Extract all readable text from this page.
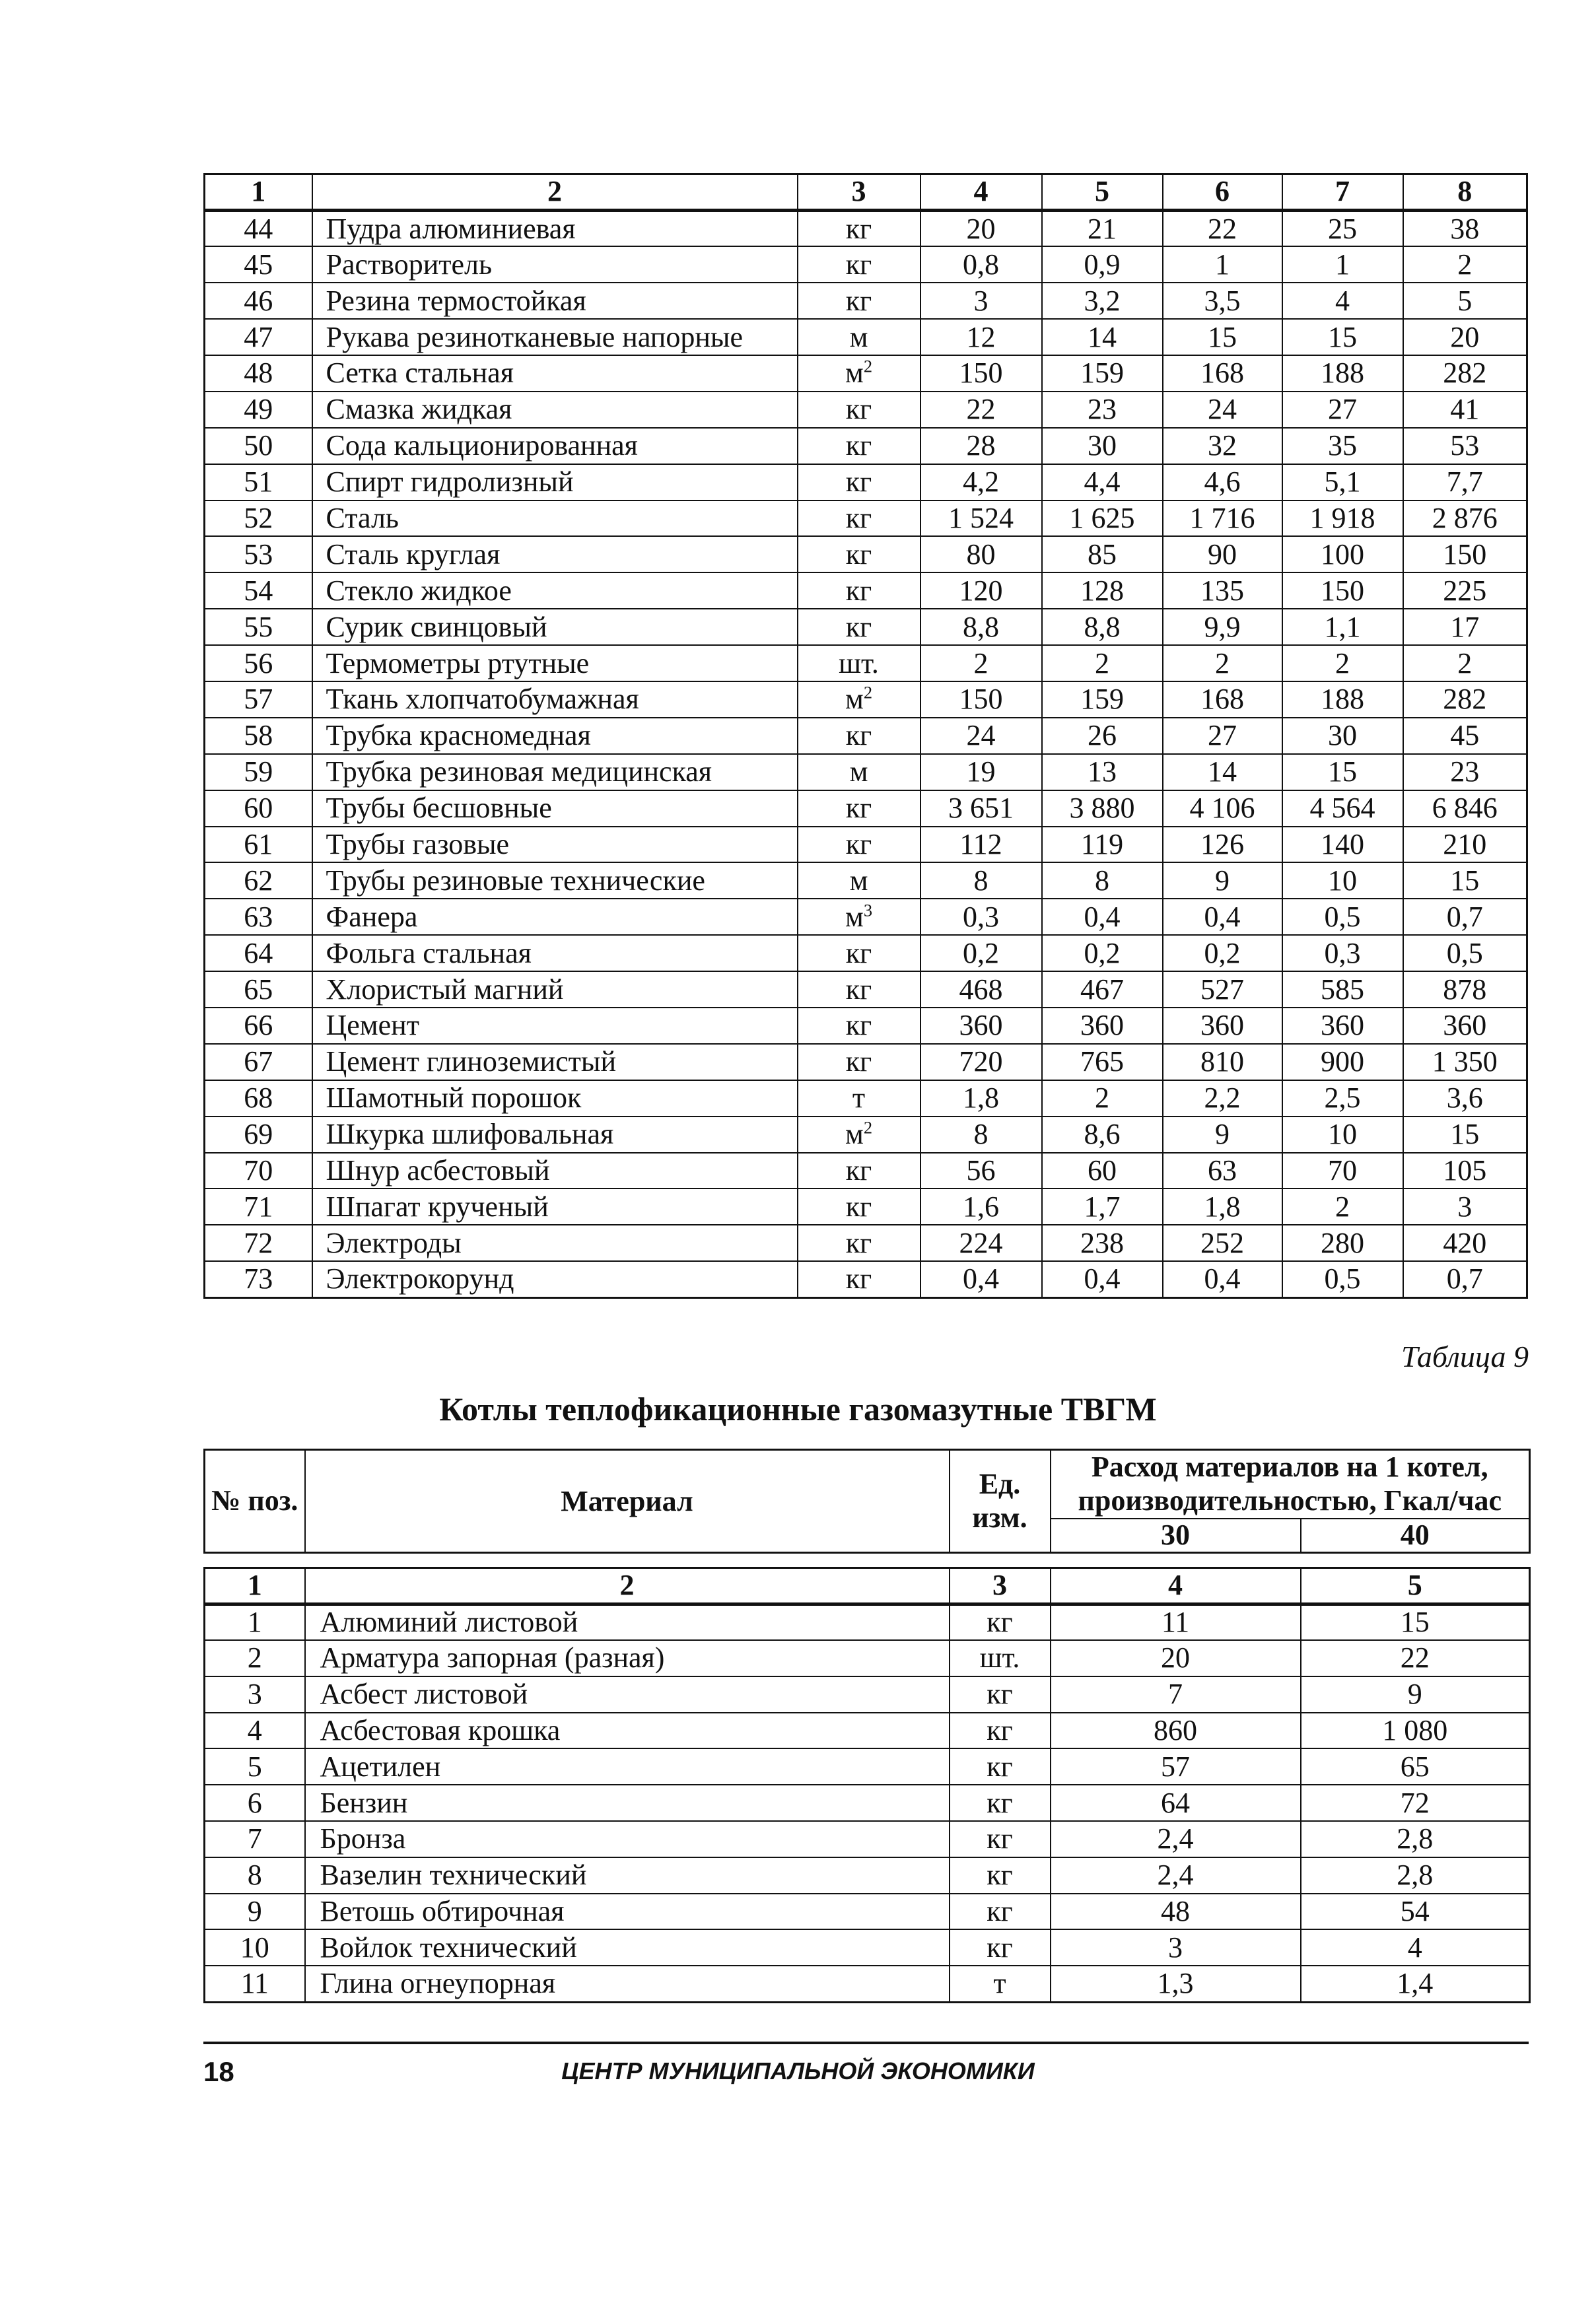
1	2	3	4	5	6	7	8
44	Пудра алюминиевая	кг	20	21	22	25	38
45	Растворитель	кг	0,8	0,9	1	1	2
46	Резина термостойкая	кг	3	3,2	3,5	4	5
47	Рукава резинотканевые напорные	м	12	14	15	15	20
48	Сетка стальная	$м^2$	150	159	168	188	282
49	Смазка жидкая	кг	22	23	24	27	41
50	Сода кальционированная	кг	28	30	32	35	53
51	Спирт гидролизный	кг	4,2	4,4	4,6	5,1	7,7
52	Сталь	кг	1 524	1 625	1 716	1 918	2 876
53	Сталь круглая	кг	80	85	90	100	150
54	Стекло жидкое	кг	120	128	135	150	225
55	Сурик свинцовый	кг	8,8	8,8	9,9	1,1	17
56	Термометры ртутные	шт.	2	2	2	2	2
57	Ткань хлопчатобумажная	$м^2$	150	159	168	188	282
58	Трубка красномедная	кг	24	26	27	30	45
59	Трубка резиновая медицинская	м	19	13	14	15	23
60	Трубы бесшовные	кг	3 651	3 880	4 106	4 564	6 846
61	Трубы газовые	кг	112	119	126	140	210
62	Трубы резиновые технические	м	8	8	9	10	15
63	Фанера	$м^3$	0,3	0,4	0,4	0,5	0,7
64	Фольга стальная	кг	0,2	0,2	0,2	0,3	0,5
65	Хлористый магний	кг	468	467	527	585	878
66	Цемент	кг	360	360	360	360	360
67	Цемент глиноземистый	кг	720	765	810	900	1 350
68	Шамотный порошок	т	1,8	2	2,2	2,5	3,6
69	Шкурка шлифовальная	$м^2$	8	8,6	9	10	15
70	Шнур асбестовый	кг	56	60	63	70	105
71	Шпагат крученый	кг	1,6	1,7	1,8	2	3
72	Электроды	кг	224	238	252	280	420
73	Электрокорунд	кг	0,4	0,4	0,4	0,5	0,7
Таблица 9
Котлы теплофикационные газомазутные ТВГМ
№ поз.	Материал	Ед. изм.	Расход материалов на 1 котел, производительностью, Гкал/час	

			30	40
1	2	3	4	5
1	Алюминий листовой	кг	11	15
2	Арматура запорная (разная)	шт.	20	22
3	Асбест листовой	кг	7	9
4	Асбестовая крошка	кг	860	1 080
5	Ацетилен	кг	57	65
6	Бензин	кг	64	72
7	Бронза	кг	2,4	2,8
8	Вазелин технический	кг	2,4	2,8
9	Ветошь обтирочная	кг	48	54
10	Войлок технический	кг	3	4
11	Глина огнеупорная	т	1,3	1,4
18	ЦЕНТР МУНИЦИПАЛЬНОЙ ЭКОНОМИКИ
